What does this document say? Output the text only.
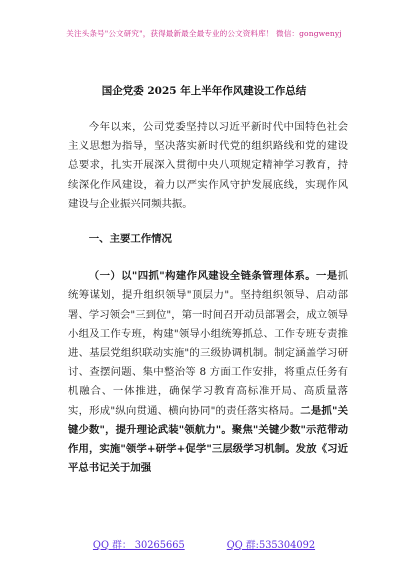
关注头条号"公文研究"，获得最新最全最专业的公文资料库！ 微信：gongwenyj
国企党委 2025 年上半年作风建设工作总结

今年以来，公司党委坚持以习近平新时代中国特色社会主义思想为指导，坚决落实新时代党的组织路线和党的建设总要求，扎实开展深入贯彻中央八项规定精神学习教育，持续深化作风建设，着力以严实作风守护发展底线，实现作风建设与企业振兴同频共振。

一、主要工作情况

（一）以"四抓"构建作风建设全链条管理体系。一是抓统筹谋划，提升组织领导"顶层力"。坚持组织领导、启动部署、学习领会"三到位"，第一时间召开动员部署会，成立领导小组及工作专班，构建"领导小组统筹抓总、工作专班专责推进、基层党组织联动实施"的三级协调机制。制定涵盖学习研讨、查摆问题、集中整治等 8 方面工作安排，将重点任务有机融合、一体推进，确保学习教育高标准开局、高质量落实，形成"纵向贯通、横向协同"的责任落实格局。二是抓"关键少数"，提升理论武装"领航力"。聚焦"关键少数"示范带动作用，实施"领学+研学+促学"三层级学习机制。发放《习近平总书记关于加强

QQ 群： 30265665	QQ 群:535304092
